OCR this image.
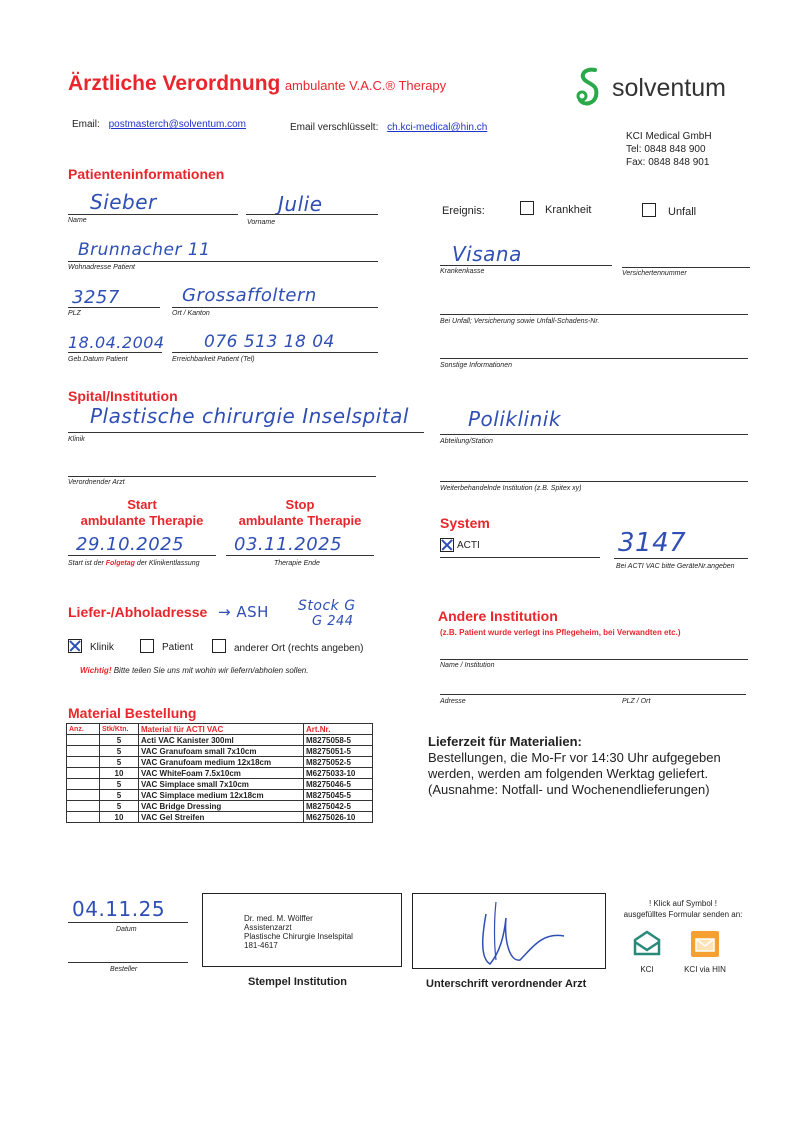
Ärztliche Verordnung ambulante V.A.C.® Therapy	solventum
Email: postmasterch@solventum.com	Email verschlüsselt: ch.kci-medical@hin.ch
KCI Medical GmbH
Tel: 0848 848 900
Fax: 0848 848 901
Patienteninformationen
Sieber
Name
Julie
Vorname
Brunnacher 11
Wohnadresse Patient
3257
PLZ
Grossaffoltern
Ort / Kanton
18.04.2004
Geb.Datum Patient
076 513 18 04
Erreichbarkeit Patient (Tel)
Ereignis:	Krankheit	Unfall
Visana
Krankenkasse	Versichertennummer
Bei Unfall; Versicherung sowie Unfall-Schadens-Nr.
Sonstige Informationen
Spital/Institution
Plastische chirurgie Inselspital
Klinik
Poliklinik
Abteilung/Station
Verordnender Arzt
Weiterbehandelnde Institution (z.B. Spitex xy)
Start
ambulante Therapie
29.10.2025
Start ist der Folgetag der Klinikentlassung
Stop
ambulante Therapie
03.11.2025
Therapie Ende
System
ACTI	3147
Bei ACTI VAC bitte GeräteNr.angeben
Liefer-/Abholadresse → ASH Stock G
G 244
Klinik	Patient	anderer Ort (rechts angeben)
Wichtig! Bitte teilen Sie uns mit wohin wir liefern/abholen sollen.
Andere Institution
(z.B. Patient wurde verlegt ins Pflegeheim, bei Verwandten etc.)
Name / Institution
Adresse	PLZ / Ort
Material Bestellung
Anz.	Stk/Ktn.	Material für ACTI VAC	Art.Nr.
	5	Acti VAC Kanister 300ml	M8275058-5
	5	VAC Granufoam small 7x10cm	M8275051-5
	5	VAC Granufoam medium 12x18cm	M8275052-5
	10	VAC WhiteFoam 7.5x10cm	M6275033-10
	5	VAC Simplace small 7x10cm	M8275046-5
	5	VAC Simplace medium 12x18cm	M8275045-5
	5	VAC Bridge Dressing	M8275042-5
	10	VAC Gel Streifen	M6275026-10
Lieferzeit für Materialien:
Bestellungen, die Mo-Fr vor 14:30 Uhr aufgegeben
werden, werden am folgenden Werktag geliefert.
(Ausnahme: Notfall- und Wochenendlieferungen)
04.11.25
Datum
Besteller
Dr. med. M. Wölffer
Assistenzarzt
Plastische Chirurgie Inselspital
181-4617
Stempel Institution	Unterschrift verordnender Arzt
! Klick auf Symbol !
ausgefülltes Formular senden an:
KCI	KCI via HIN
